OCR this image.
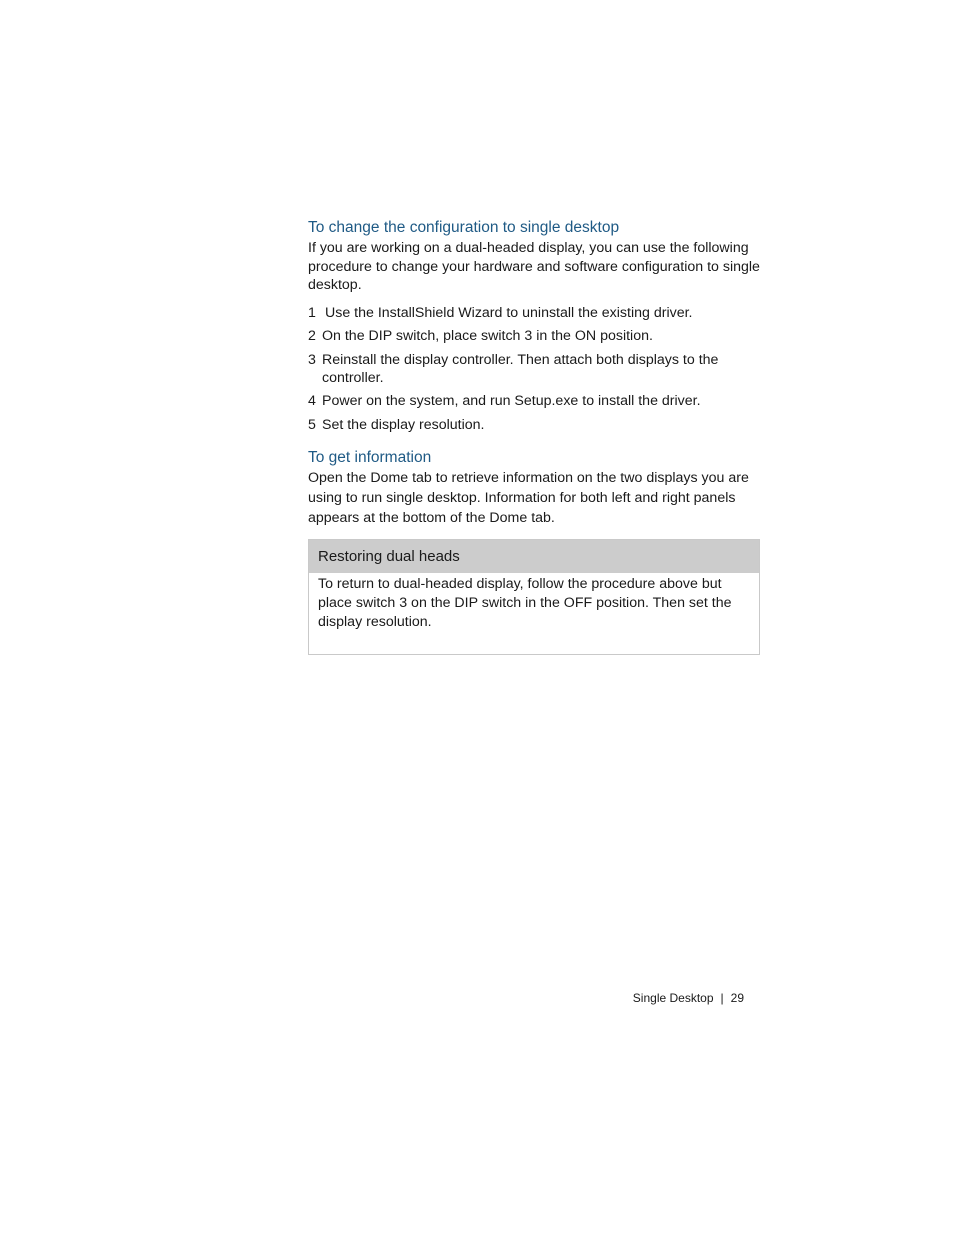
To change the configuration to single desktop

If you are working on a dual-headed display, you can use the following procedure to change your hardware and software configuration to single desktop.

1 Use the InstallShield Wizard to uninstall the existing driver.
2 On the DIP switch, place switch 3 in the ON position.
3 Reinstall the display controller. Then attach both displays to the controller.
4 Power on the system, and run Setup.exe to install the driver.
5 Set the display resolution.
To get information

Open the Dome tab to retrieve information on the two displays you are using to run single desktop. Information for both left and right panels appears at the bottom of the Dome tab.

Restoring dual heads
To return to dual-headed display, follow the procedure above but place switch 3 on the DIP switch in the OFF position. Then set the display resolution.
Single Desktop | 29
